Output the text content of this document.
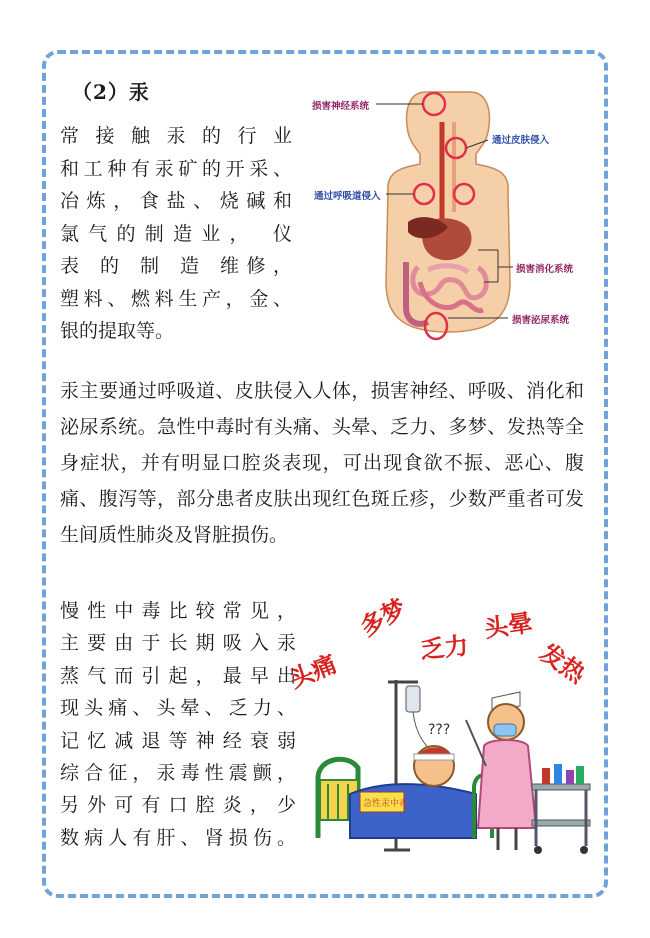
（2）汞

常接触汞的行业
和工种有汞矿的开采、
冶炼，食盐、烧碱和
氯气的制造业， 仪
表 的 制 造 维修，
塑料、燃料生产，金、
银的提取等。

损害神经系统
通过皮肤侵入
通过呼吸道侵入
损害消化系统
损害泌尿系统

汞主要通过呼吸道、皮肤侵入人体，损害神经、呼吸、消化和泌尿系统。急性中毒时有头痛、头晕、乏力、多梦、发热等全身症状，并有明显口腔炎表现，可出现食欲不振、恶心、腹痛、腹泻等，部分患者皮肤出现红色斑丘疹，少数严重者可发生间质性肺炎及肾脏损伤。

慢性中毒比较常见，
主要由于长期吸入汞
蒸气而引起，最早出
现头痛、头晕、乏力、
记忆减退等神经衰弱
综合征，汞毒性震颤，
另外可有口腔炎，少
数病人有肝、肾损伤。

头痛
多梦
乏力
头晕
发热
急性汞中毒
???
